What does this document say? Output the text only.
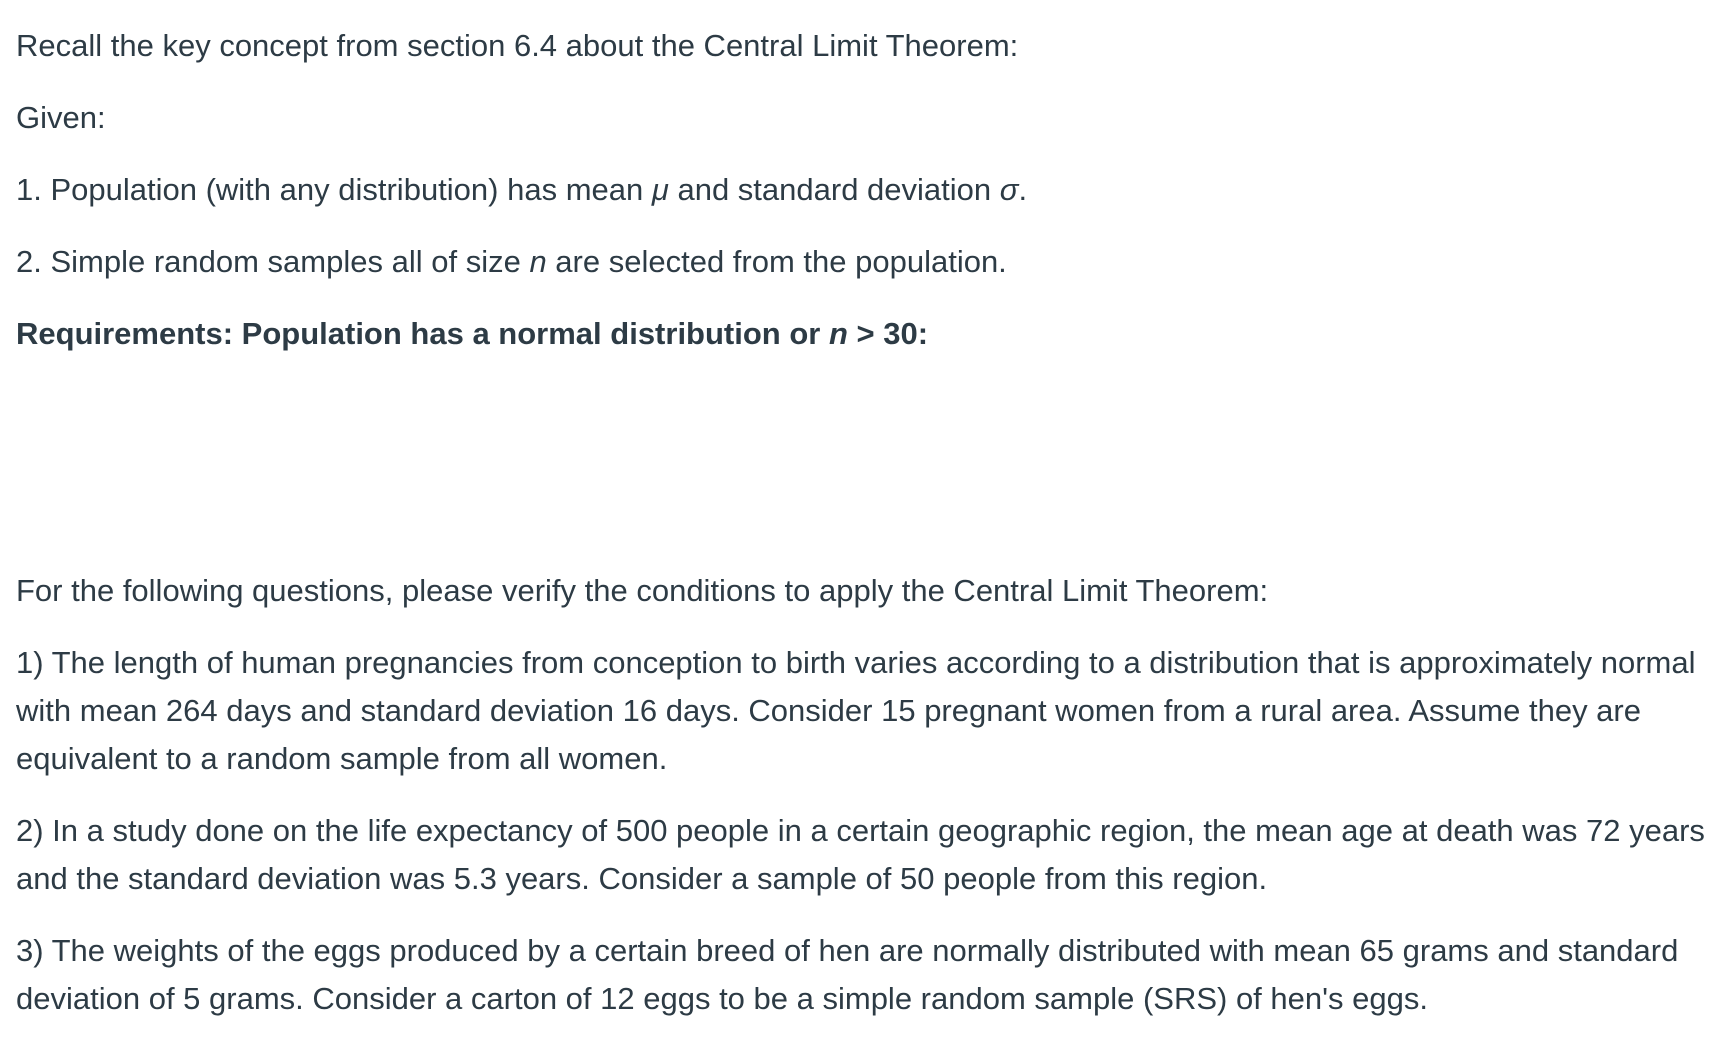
Recall the key concept from section 6.4 about the Central Limit Theorem:

Given:

1. Population (with any distribution) has mean μ and standard deviation σ.

2. Simple random samples all of size n are selected from the population.

Requirements: Population has a normal distribution or n > 30:

For the following questions, please verify the conditions to apply the Central Limit Theorem:

1) The length of human pregnancies from conception to birth varies according to a distribution that is approximately normal with mean 264 days and standard deviation 16 days. Consider 15 pregnant women from a rural area. Assume they are equivalent to a random sample from all women.

2) In a study done on the life expectancy of 500 people in a certain geographic region, the mean age at death was 72 years and the standard deviation was 5.3 years. Consider a sample of 50 people from this region.

3) The weights of the eggs produced by a certain breed of hen are normally distributed with mean 65 grams and standard deviation of 5 grams. Consider a carton of 12 eggs to be a simple random sample (SRS) of hen's eggs.
